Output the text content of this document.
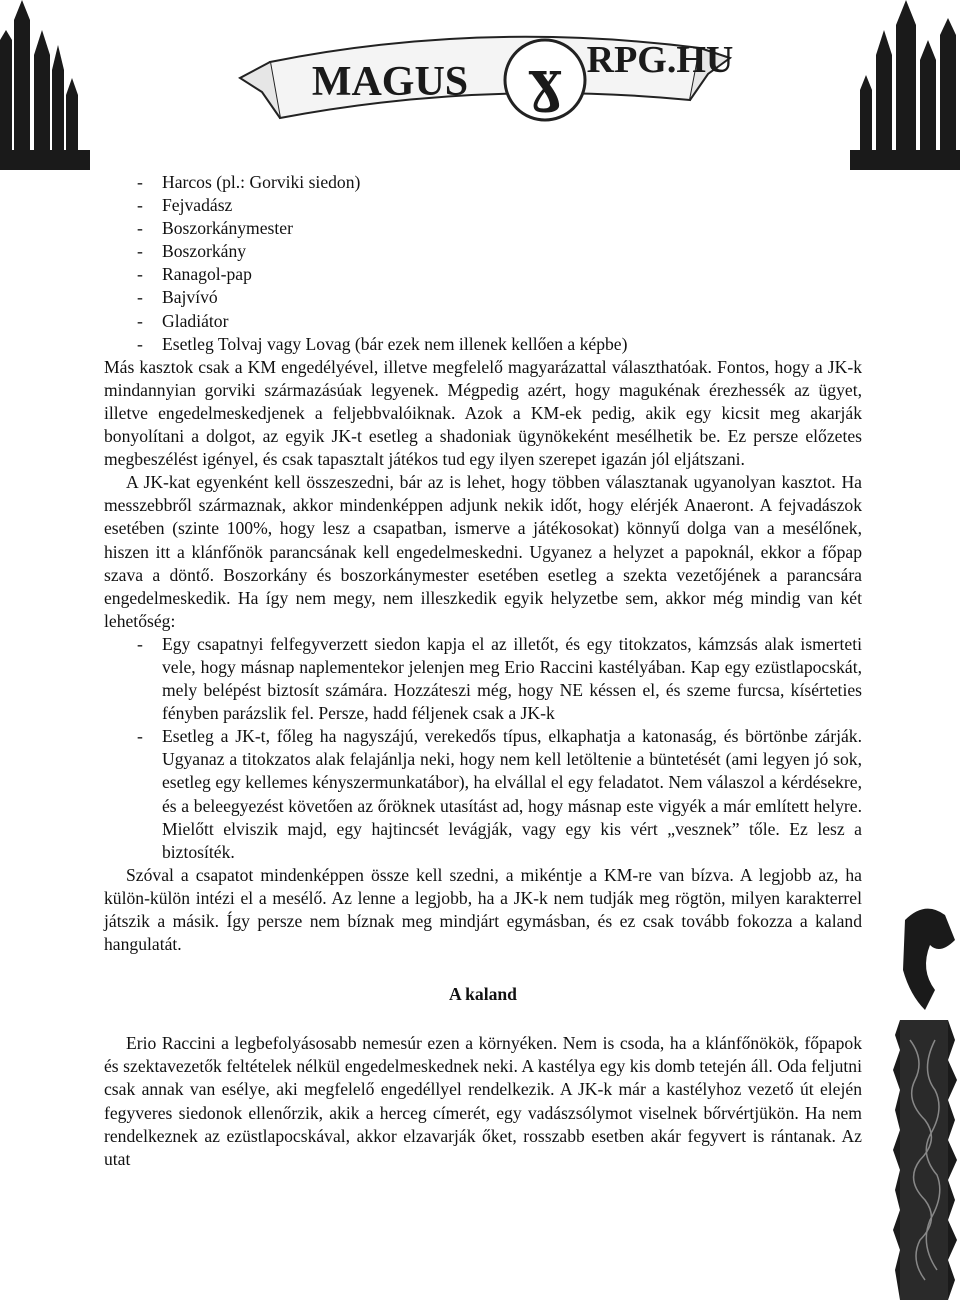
ɣ
MAGUS	RPG.HU
- Harcos (pl.: Gorviki siedon)
- Fejvadász
- Boszorkánymester
- Boszorkány
- Ranagol-pap
- Bajvívó
- Gladiátor
- Esetleg Tolvaj vagy Lovag (bár ezek nem illenek kellően a képbe)

Más kasztok csak a KM engedélyével, illetve megfelelő magyarázattal választhatóak. Fontos, hogy a JK-k mindannyian gorviki származásúak legyenek. Mégpedig azért, hogy magukénak érezhessék az ügyet, illetve engedelmeskedjenek a feljebbvalóiknak. Azok a KM-ek pedig, akik egy kicsit meg akarják bonyolítani a dolgot, az egyik JK-t esetleg a shadoniak ügynökeként mesélhetik be. Ez persze előzetes megbeszélést igényel, és csak tapasztalt játékos tud egy ilyen szerepet igazán jól eljátszani.

A JK-kat egyenként kell összeszedni, bár az is lehet, hogy többen választanak ugyanolyan kasztot. Ha messzebbről származnak, akkor mindenképpen adjunk nekik időt, hogy elérjék Anaeront. A fejvadászok esetében (szinte 100%, hogy lesz a csapatban, ismerve a játékosokat) könnyű dolga van a mesélőnek, hiszen itt a klánfőnök parancsának kell engedelmeskedni. Ugyanez a helyzet a papoknál, ekkor a főpap szava a döntő. Boszorkány és boszorkánymester esetében esetleg a szekta vezetőjének a parancsára engedelmeskedik. Ha így nem megy, nem illeszkedik egyik helyzetbe sem, akkor még mindig van két lehetőség:

- Egy csapatnyi felfegyverzett siedon kapja el az illetőt, és egy titokzatos, kámzsás alak ismerteti vele, hogy másnap naplementekor jelenjen meg Erio Raccini kastélyában. Kap egy ezüstlapocskát, mely belépést biztosít számára. Hozzáteszi még, hogy NE késsen el, és szeme furcsa, kísérteties fényben parázslik fel. Persze, hadd féljenek csak a JK-k
- Esetleg a JK-t, főleg ha nagyszájú, verekedős típus, elkaphatja a katonaság, és börtönbe zárják. Ugyanaz a titokzatos alak felajánlja neki, hogy nem kell letöltenie a büntetését (ami legyen jó sok, esetleg egy kellemes kényszermunkatábor), ha elvállal el egy feladatot. Nem válaszol a kérdésekre, és a beleegyezést követően az őröknek utasítást ad, hogy másnap este vigyék a már említett helyre. Mielőtt elviszik majd, egy hajtincsét levágják, vagy egy kis vért „vesznek” tőle. Ez lesz a biztosíték.

Szóval a csapatot mindenképpen össze kell szedni, a mikéntje a KM-re van bízva. A legjobb az, ha külön-külön intézi el a mesélő. Az lenne a legjobb, ha a JK-k nem tudják meg rögtön, milyen karakterrel játszik a másik. Így persze nem bíznak meg mindjárt egymásban, és ez csak tovább fokozza a kaland hangulatát.

A kaland

Erio Raccini a legbefolyásosabb nemesúr ezen a környéken. Nem is csoda, ha a klánfőnökök, főpapok és szektavezetők feltételek nélkül engedelmeskednek neki. A kastélya egy kis domb tetején áll. Oda feljutni csak annak van esélye, aki megfelelő engedéllyel rendelkezik. A JK-k már a kastélyhoz vezető út elején fegyveres siedonok ellenőrzik, akik a herceg címerét, egy vadászsólymot viselnek bőrvértjükön. Ha nem rendelkeznek az ezüstlapocskával, akkor elzavarják őket, rosszabb esetben akár fegyvert is rántanak. Az utat
